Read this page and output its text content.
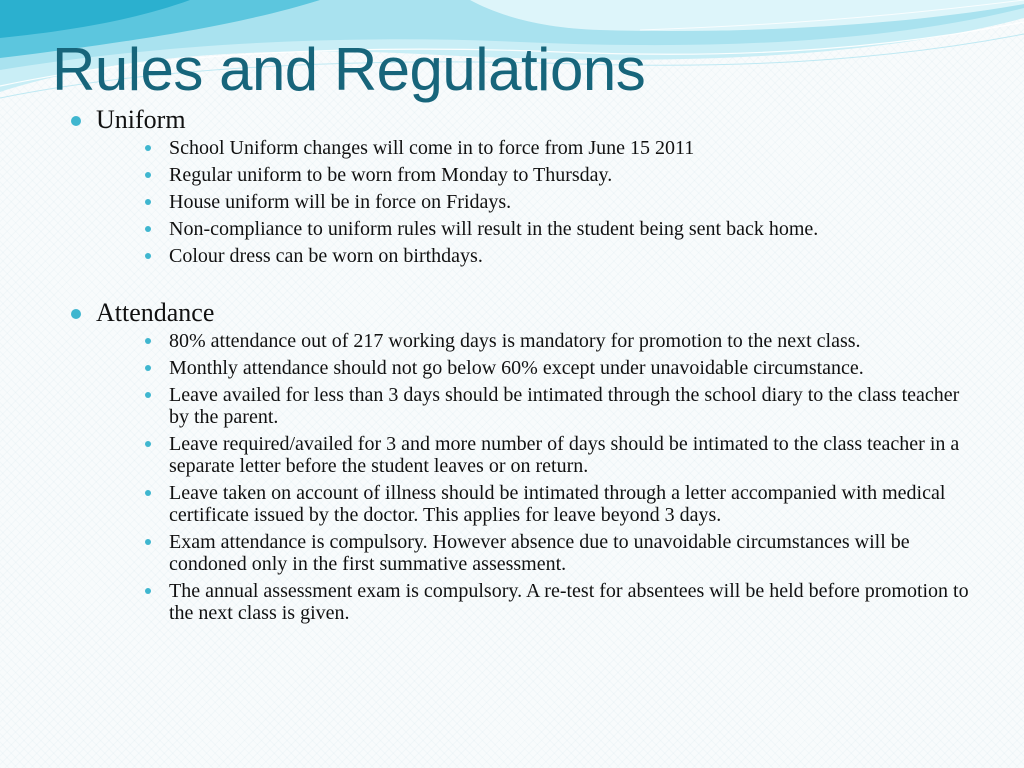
Rules and Regulations
Uniform
School Uniform changes will come in to force from June 15 2011
Regular uniform to be worn from Monday to Thursday.
House uniform will be in force on Fridays.
Non-compliance to uniform rules will result in the student being sent back home.
Colour dress can be worn on birthdays.
Attendance
80% attendance out of 217 working days is mandatory for promotion to the next class.
Monthly attendance should not go below 60% except under unavoidable circumstance.
Leave availed for less than 3 days should be intimated through the school diary to the class teacher by the parent.
Leave required/availed for 3 and more number of days should be intimated to the class teacher in a separate letter before the student leaves or on return.
Leave taken on account of illness should be intimated through a letter accompanied with medical certificate issued by the doctor. This applies for leave beyond 3 days.
Exam attendance is compulsory. However absence due to unavoidable circumstances will be condoned only in the first summative assessment.
The annual assessment exam is compulsory. A re-test for absentees will be held before promotion to the next class is given.
